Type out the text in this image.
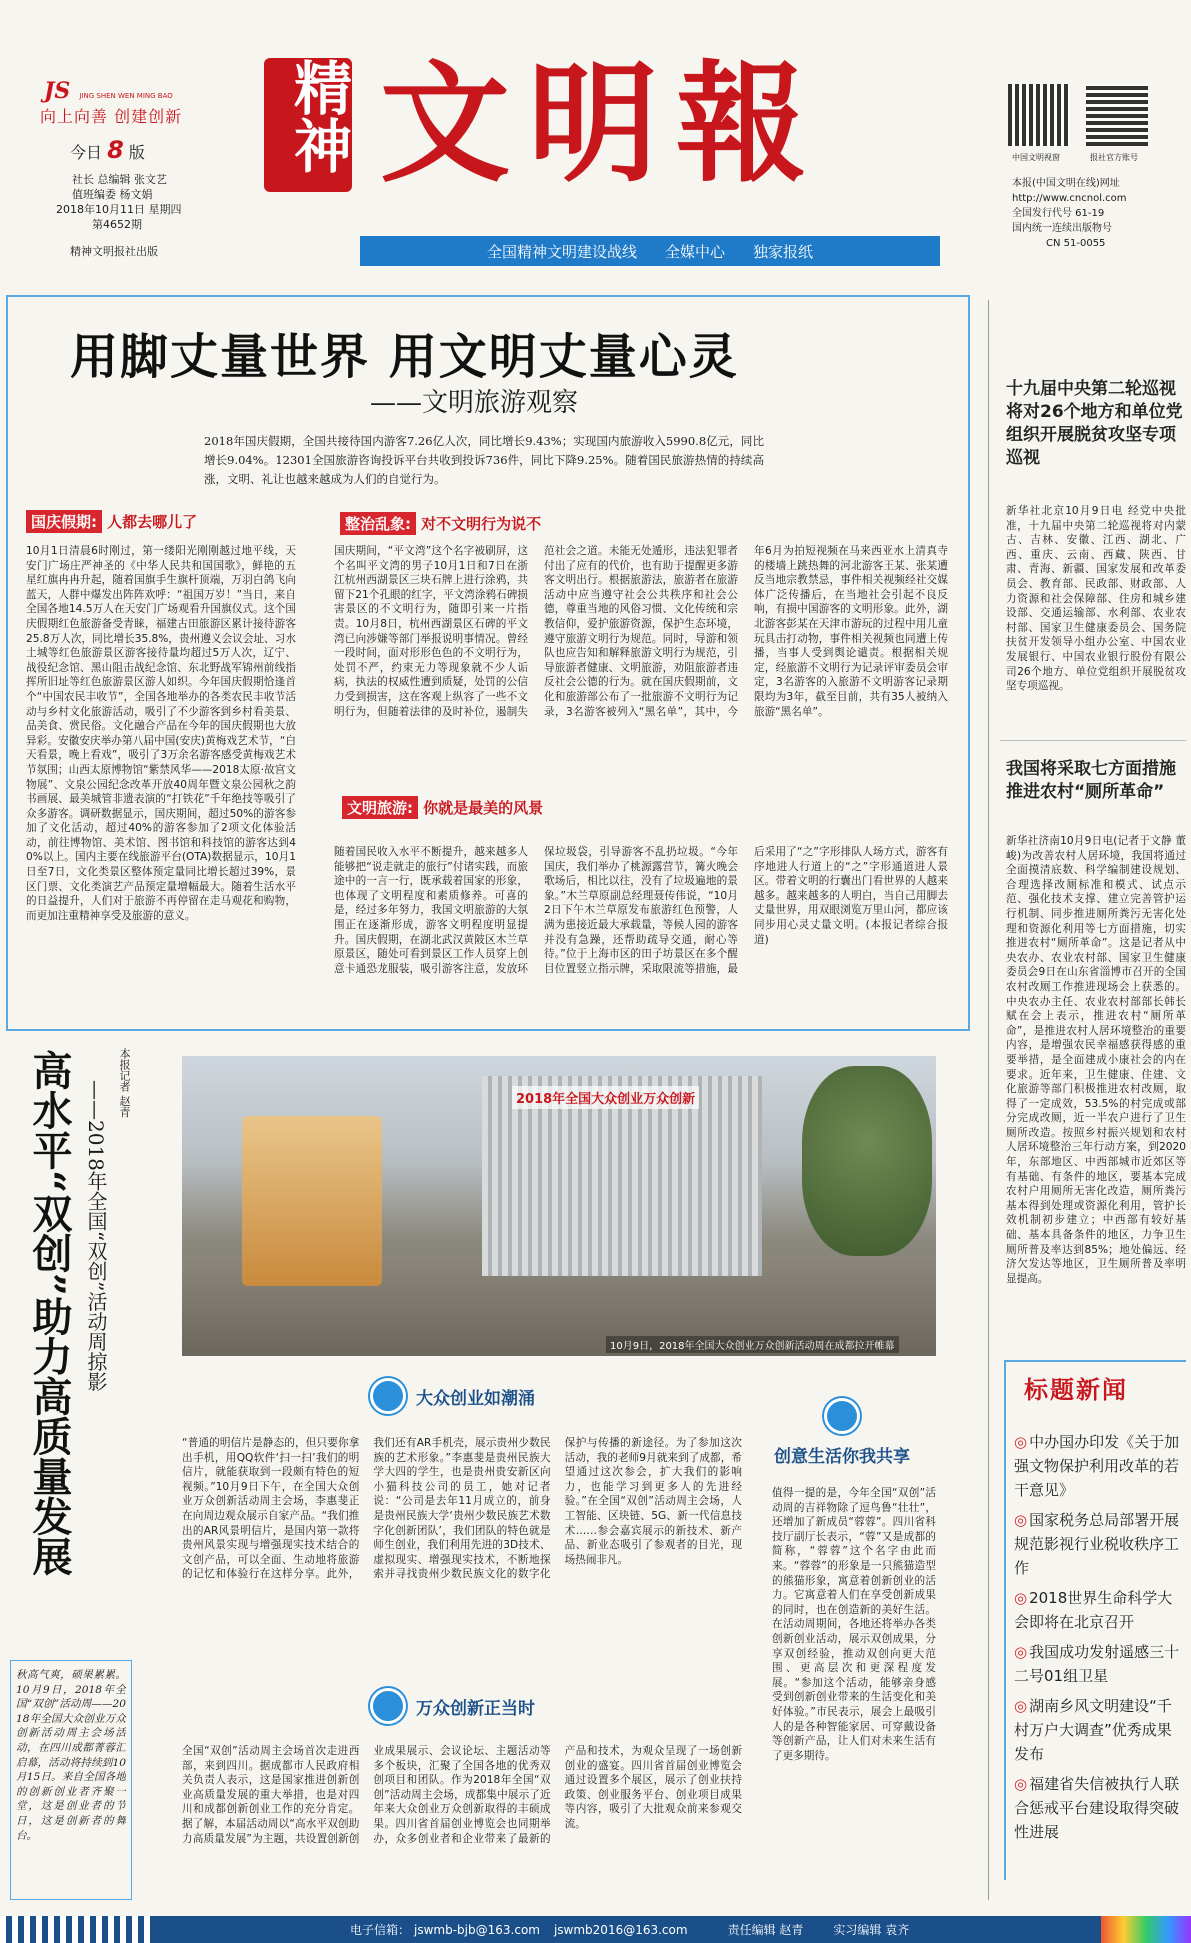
JS JING SHEN WEN MING BAO
向上向善 创建创新
今日 8 版
社长 总编辑 张文艺
值班编委 杨文娟
2018年10月11日 星期四
第4652期
精神文明报社出版
精神 文明報
全国精神文明建设战线 全媒中心 独家报纸
中国文明视窗	报社官方账号
本报(中国文明在线)网址
http://www.cncnol.com
全国发行代号 61-19
国内统一连续出版物号
CN 51-0055
用脚丈量世界 用文明丈量心灵
——文明旅游观察
2018年国庆假期，全国共接待国内游客7.26亿人次，同比增长9.43%；实现国内旅游收入5990.8亿元，同比增长9.04%。12301全国旅游咨询投诉平台共收到投诉736件，同比下降9.25%。随着国民旅游热情的持续高涨，文明、礼让也越来越成为人们的自觉行为。
国庆假期: 人都去哪儿了
10月1日清晨6时刚过，第一缕阳光刚刚越过地平线，天安门广场庄严神圣的《中华人民共和国国歌》，鲜艳的五星红旗冉冉升起，随着国旗手生旗杆顶端，万羽白鸽飞向蓝天，人群中爆发出阵阵欢呼：“祖国万岁！”当日，来自全国各地14.5万人在天安门广场观看升国旗仪式。这个国庆假期红色旅游备受青睐，福建古田旅游区累计接待游客25.8万人次，同比增长35.8%，贵州遵义会议会址、习水土城等红色旅游景区游客接待量均超过5万人次，辽宁、战役纪念馆、黑山阻击战纪念馆、东北野战军锦州前线指挥所旧址等红色旅游景区游人如织。今年国庆假期恰逢首个“中国农民丰收节”，全国各地举办的各类农民丰收节活动与乡村文化旅游活动，吸引了不少游客到乡村看美景、品美食、赏民俗。文化融合产品在今年的国庆假期也大放异彩。安徽安庆举办第八届中国(安庆)黄梅戏艺术节，“白天看景，晚上看戏”，吸引了3万余名游客感受黄梅戏艺术节氛围；山西太原博物馆“紫禁风华——2018太原·故宫文物展”、文泉公园纪念改革开放40周年暨文泉公园秋之韵书画展、最美城管非遗表演的“打铁花”千年绝技等吸引了众多游客。调研数据显示，国庆期间，超过50%的游客参加了文化活动，超过40%的游客参加了2项文化体验活动，前往博物馆、美术馆、图书馆和科技馆的游客达到40%以上。国内主要在线旅游平台(OTA)数据显示，10月1日至7日，文化类景区整体预定量同比增长超过39%，景区门票、文化类演艺产品预定量增幅最大。随着生活水平的日益提升，人们对于旅游不再停留在走马观花和购物，而更加注重精神享受及旅游的意义。
整治乱象: 对不文明行为说不
国庆期间，“平文湾”这个名字被刷屏，这个名叫平文湾的男子10月1日和7日在浙江杭州西湖景区三块石牌上进行涂鸦，共留下21个孔眼的红字，平文湾涂鸦石碑损害景区的不文明行为，随即引来一片指责。10月8日，杭州西湖景区石碑的平文湾已向涉嫌等部门举报说明事情况。曾经一段时间，面对形形色色的不文明行为，处罚不严，约束无力等现象就不少人诟病，执法的权威性遭到质疑，处罚的公信力受到损害，这在客观上纵容了一些不文明行为，但随着法律的及时补位，遏制失范社会之道。未能无处遁形，违法犯罪者付出了应有的代价，也有助于提醒更多游客文明出行。根据旅游法，旅游者在旅游活动中应当遵守社会公共秩序和社会公德，尊重当地的风俗习惯、文化传统和宗教信仰，爱护旅游资源，保护生态环境，遵守旅游文明行为规范。同时，导游和领队也应告知和解释旅游文明行为规范，引导旅游者健康、文明旅游，劝阻旅游者违反社会公德的行为。就在国庆假期前，文化和旅游部公布了一批旅游不文明行为记录，3名游客被列入“黑名单”，其中，今年6月为拍短视频在马来西亚水上清真寺的楼墙上跳热舞的河北游客王某、张某遭反当地宗教禁忌，事件相关视频经社交媒体广泛传播后，在当地社会引起不良反响，有损中国游客的文明形象。此外，湖北游客彭某在天津市游玩的过程中用儿童玩具击打动物，事件相关视频也同遭上传播，当事人受到舆论谴责。根据相关规定，经旅游不文明行为记录评审委员会审定，3名游客的入旅游不文明游客记录期限均为3年，截至目前，共有35人被纳入旅游“黑名单”。
文明旅游: 你就是最美的风景
随着国民收入水平不断提升，越来越多人能够把“说走就走的旅行”付诸实践，而旅途中的一言一行，既承载着国家的形象，也体现了文明程度和素质修养。可喜的是，经过多年努力，我国文明旅游的大氛围正在逐渐形成，游客文明程度明显提升。国庆假期，在湖北武汉黄陂区木兰草原景区，随处可看到景区工作人员穿上创意卡通恐龙服装，吸引游客注意，发放环保垃圾袋，引导游客不乱扔垃圾。“今年国庆，我们举办了桃源露营节，篝火晚会歌场后，相比以往，没有了垃圾遍地的景象。”木兰草原副总经理聂传伟说，“10月2日下午木兰草原发布旅游红色预警，人满为患接近最大承载量，等候人园的游客并没有急躁，还帮助疏导交通，耐心等待。”位于上海市区的田子坊景区在多个醒目位置竖立指示牌，采取限流等措施，最后采用了“之”字形排队人场方式，游客有序地进人行道上的“之”字形通道进人景区。带着文明的行囊出门看世界的人越来越多。越来越多的人明白，当自己用脚去丈量世界，用双眼浏览万里山河，都应该同步用心灵丈量文明。(本报记者综合报道)
十九届中央第二轮巡视将对26个地方和单位党组织开展脱贫攻坚专项巡视
新华社北京10月9日电 经党中央批准，十九届中央第二轮巡视将对内蒙古、吉林、安徽、江西、湖北、广西、重庆、云南、西藏、陕西、甘肃、青海、新疆、国家发展和改革委员会、教育部、民政部、财政部、人力资源和社会保障部、住房和城乡建设部、交通运输部、水利部、农业农村部、国家卫生健康委员会、国务院扶贫开发领导小组办公室、中国农业发展银行、中国农业银行股份有限公司26个地方、单位党组织开展脱贫攻坚专项巡视。
我国将采取七方面措施推进农村“厕所革命”
新华社济南10月9日电(记者于文静 董峻)为改善农村人居环境，我国将通过全面摸清底数、科学编制建设规划、合理选择改厕标准和模式、试点示范、强化技术支撑、建立完善管护运行机制、同步推进厕所粪污无害化处理和资源化利用等七方面措施，切实推进农村“厕所革命”。这是记者从中央农办、农业农村部、国家卫生健康委员会9日在山东省淄博市召开的全国农村改厕工作推进现场会上获悉的。中央农办主任、农业农村部部长韩长赋在会上表示，推进农村“厕所革命”，是推进农村人居环境整治的重要内容，是增强农民幸福感获得感的重要举措，是全面建成小康社会的内在要求。近年来，卫生健康、住建、文化旅游等部门积极推进农村改厕，取得了一定成效，53.5%的村完成或部分完成改厕，近一半农户进行了卫生厕所改造。按照乡村振兴规划和农村人居环境整治三年行动方案，到2020年，东部地区、中西部城市近郊区等有基础、有条件的地区，要基本完成农村户用厕所无害化改造，厕所粪污基本得到处理或资源化利用，管护长效机制初步建立；中西部有较好基础、基本具备条件的地区，力争卫生厕所普及率达到85%；地处偏远、经济欠发达等地区，卫生厕所普及率明显提高。
标题新闻
◎ 中办国办印发《关于加强文物保护利用改革的若干意见》
◎ 国家税务总局部署开展规范影视行业税收秩序工作
◎ 2018世界生命科学大会即将在北京召开
◎ 我国成功发射遥感三十二号01组卫星
◎ 湖南乡风文明建设“千村万户大调查”优秀成果发布
◎ 福建省失信被执行人联合惩戒平台建设取得突破性进展
本报记者 赵青
高水平“双创”助力高质量发展 ——2018年全国“双创”活动周掠影
秋高气爽，硕果累累。10月9日，2018年全国“双创”活动周——2018年全国大众创业万众创新活动周主会场活动，在四川成都菁蓉汇启幕，活动将持续到10月15日。来自全国各地的创新创业者齐聚一堂，这是创业者的节日，这是创新者的舞台。
2018年全国大众创业万众创新
10月9日，2018年全国大众创业万众创新活动周在成都拉开帷幕
大众创业如潮涌
创意生活你我共享
万众创新正当时
“普通的明信片是静态的，但只要你拿出手机，用QQ软件‘扫一扫’我们的明信片，就能获取到一段颇有特色的短视频。”10月9日下午，在全国大众创业万众创新活动周主会场，李惠斐正在向周边观众展示自家产品。“我们推出的AR风景明信片，是国内第一款将贵州风景实现与增强现实技术结合的文创产品，可以全面、生动地将旅游的记忆和体验行在这样分享。此外，我们还有AR手机壳，展示贵州少数民族的艺术形象。”李惠斐是贵州民族大学大四的学生，也是贵州贵安新区向小猫科技公司的员工，她对记者说：“公司是去年11月成立的，前身是贵州民族大学‘贵州少数民族艺术数字化创新团队’，我们团队的特色就是师生创业，我们利用先进的3D技术、虚拟现实、增强现实技术，不断地探索并寻找贵州少数民族文化的数字化保护与传播的新途径。为了参加这次活动，我的老师9月就来到了成都，希望通过这次参会，扩大我们的影响力，也能学习到更多人的先进经验。”在全国“双创”活动周主会场，人工智能、区块链、5G、新一代信息技术……参会嘉宾展示的新技术、新产品、新业态吸引了参观者的目光，现场热闹非凡。
值得一提的是，今年全国“双创”活动周的吉祥物除了逗鸟鲁“壮壮”，还增加了新成员“蓉蓉”。四川省科技厅副厅长表示，“蓉”又是成都的简称，“蓉蓉”这个名字由此而来。“蓉蓉”的形象是一只熊猫造型的熊猫形象，寓意着创新创业的活力。它寓意着人们在享受创新成果的同时，也在创造新的美好生活。在活动周期间，各地还将举办各类创新创业活动，展示双创成果，分享双创经验，推动双创向更大范围、更高层次和更深程度发展。“参加这个活动，能够亲身感受到创新创业带来的生活变化和美好体验。”市民表示，展会上最吸引人的是各种智能家居、可穿戴设备等创新产品，让人们对未来生活有了更多期待。
全国“双创”活动周主会场首次走进西部，来到四川。据成都市人民政府相关负责人表示，这是国家推进创新创业高质量发展的重大举措，也是对四川和成都创新创业工作的充分肯定。据了解，本届活动周以“高水平双创助力高质量发展”为主题，共设置创新创业成果展示、会议论坛、主题活动等多个板块，汇聚了全国各地的优秀双创项目和团队。作为2018年全国“双创”活动周主会场，成都集中展示了近年来大众创业万众创新取得的丰硕成果。四川省首届创业博览会也同期举办，众多创业者和企业带来了最新的产品和技术，为观众呈现了一场创新创业的盛宴。四川省首届创业博览会通过设置多个展区，展示了创业扶持政策、创业服务平台、创业项目成果等内容，吸引了大批观众前来参观交流。
电子信箱： jswmb-bjb@163.com jswmb2016@163.com	责任编辑 赵青	实习编辑 袁齐
